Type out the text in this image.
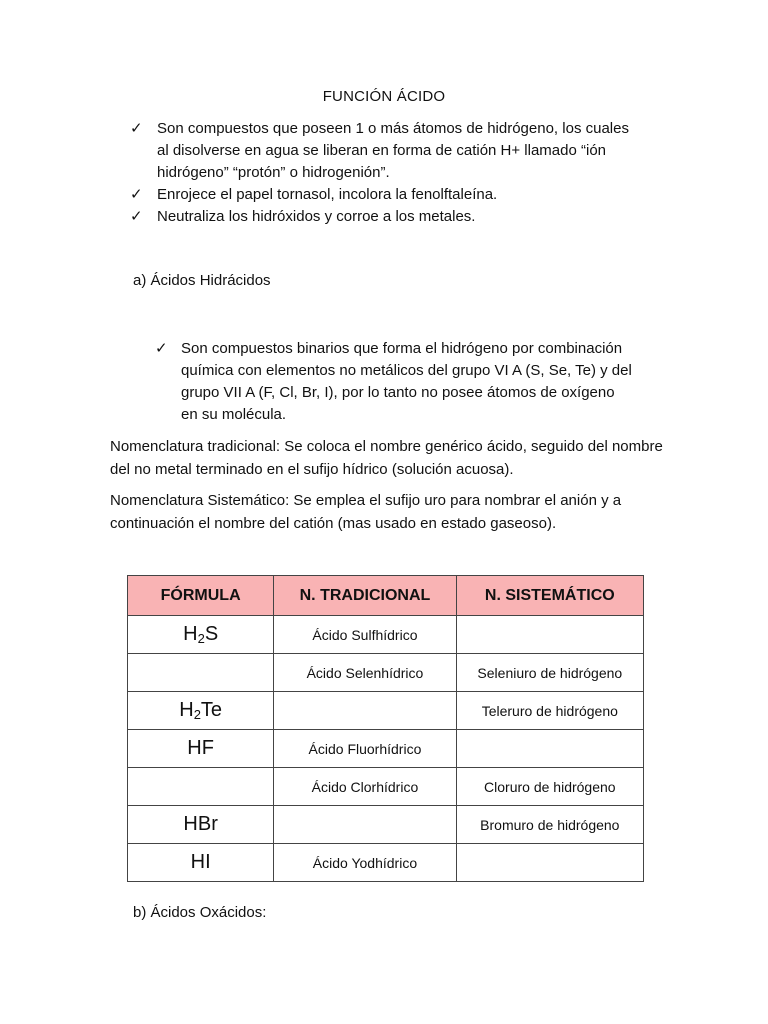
FUNCIÓN ÁCIDO
✓ Son compuestos que poseen 1 o más átomos de hidrógeno, los cuales al disolverse en agua se liberan en forma de catión H+ llamado “ión hidrógeno” “protón” o hidrogenión”.
✓ Enrojece el papel tornasol, incolora la fenolftaleína.
✓ Neutraliza los hidróxidos y corroe a los metales.
a) Ácidos Hidrácidos
✓ Son compuestos binarios que forma el hidrógeno por combinación química con elementos no metálicos del grupo VI A (S, Se, Te) y del grupo VII A (F, Cl, Br, I), por lo tanto no posee átomos de oxígeno en su molécula.
Nomenclatura tradicional: Se coloca el nombre genérico ácido, seguido del nombre del no metal terminado en el sufijo hídrico (solución acuosa).
Nomenclatura Sistemático: Se emplea el sufijo uro para nombrar el anión y a continuación el nombre del catión (mas usado en estado gaseoso).
FÓRMULA	N. TRADICIONAL	N. SISTEMÁTICO
$H_2S$	Ácido Sulfhídrico	
	Ácido Selenhídrico	Seleniuro de hidrógeno
$H_2Te$		Teleruro de hidrógeno
HF	Ácido Fluorhídrico	
	Ácido Clorhídrico	Cloruro de hidrógeno
HBr		Bromuro de hidrógeno
HI	Ácido Yodhídrico	
b) Ácidos Oxácidos:
